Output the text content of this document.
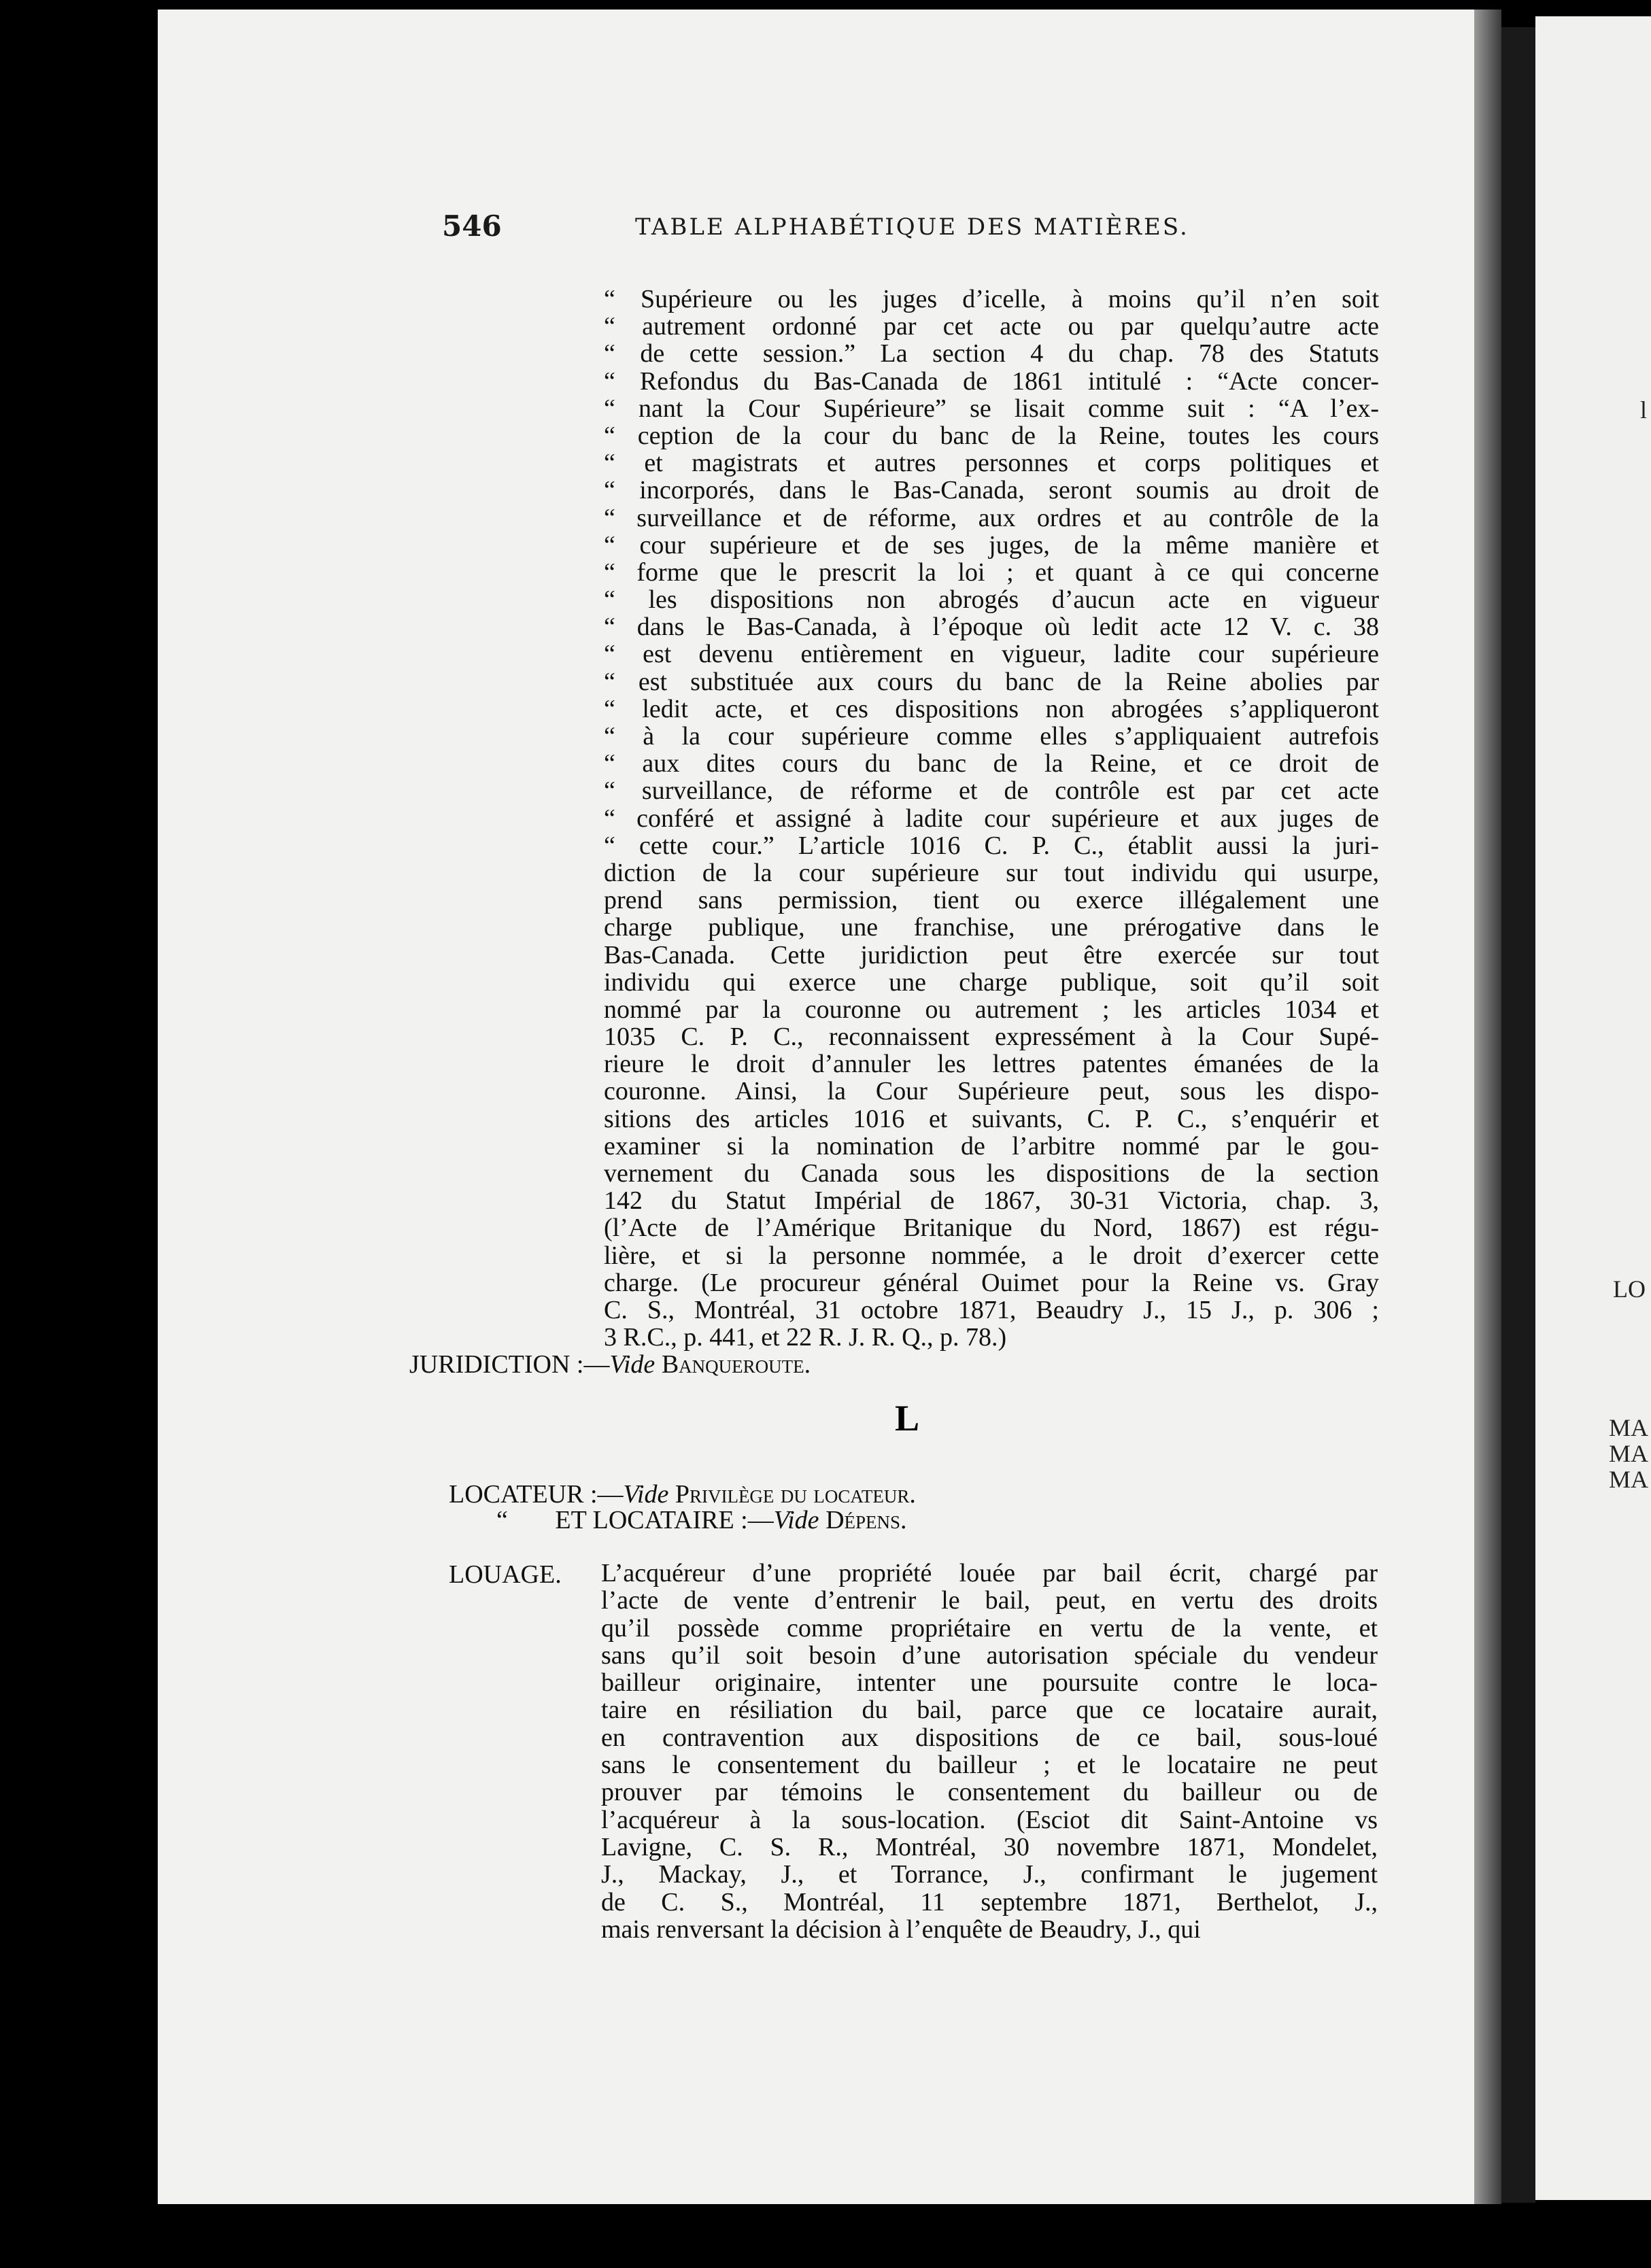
l
LO
MA
MA
MA
546	TABLE ALPHABÉTIQUE DES MATIÈRES.
“ Supérieure ou les juges d’icelle, à moins qu’il n’en soit
“ autrement ordonné par cet acte ou par quelqu’autre acte
“ de cette session.” La section 4 du chap. 78 des Statuts
“ Refondus du Bas-Canada de 1861 intitulé : “Acte concer-
“ nant la Cour Supérieure” se lisait comme suit : “A l’ex-
“ ception de la cour du banc de la Reine, toutes les cours
“ et magistrats et autres personnes et corps politiques et
“ incorporés, dans le Bas-Canada, seront soumis au droit de
“ surveillance et de réforme, aux ordres et au contrôle de la
“ cour supérieure et de ses juges, de la même manière et
“ forme que le prescrit la loi ; et quant à ce qui concerne
“ les dispositions non abrogés d’aucun acte en vigueur
“ dans le Bas-Canada, à l’époque où ledit acte 12 V. c. 38
“ est devenu entièrement en vigueur, ladite cour supérieure
“ est substituée aux cours du banc de la Reine abolies par
“ ledit acte, et ces dispositions non abrogées s’appliqueront
“ à la cour supérieure comme elles s’appliquaient autrefois
“ aux dites cours du banc de la Reine, et ce droit de
“ surveillance, de réforme et de contrôle est par cet acte
“ conféré et assigné à ladite cour supérieure et aux juges de
“ cette cour.” L’article 1016 C. P. C., établit aussi la juri-
diction de la cour supérieure sur tout individu qui usurpe,
prend sans permission, tient ou exerce illégalement une
charge publique, une franchise, une prérogative dans le
Bas-Canada. Cette juridiction peut être exercée sur tout
individu qui exerce une charge publique, soit qu’il soit
nommé par la couronne ou autrement ; les articles 1034 et
1035 C. P. C., reconnaissent expressément à la Cour Supé-
rieure le droit d’annuler les lettres patentes émanées de la
couronne. Ainsi, la Cour Supérieure peut, sous les dispo-
sitions des articles 1016 et suivants, C. P. C., s’enquérir et
examiner si la nomination de l’arbitre nommé par le gou-
vernement du Canada sous les dispositions de la section
142 du Statut Impérial de 1867, 30-31 Victoria, chap. 3,
(l’Acte de l’Amérique Britanique du Nord, 1867) est régu-
lière, et si la personne nommée, a le droit d’exercer cette
charge. (Le procureur général Ouimet pour la Reine vs. Gray
C. S., Montréal, 31 octobre 1871, Beaudry J., 15 J., p. 306 ;
3 R.C., p. 441, et 22 R. J. R. Q., p. 78.)
JURIDICTION :—Vide Banqueroute.
L
LOCATEUR :—Vide Privilège du locateur.
“ ET LOCATAIRE :—Vide Dépens.
LOUAGE. L’acquéreur d’une propriété louée par bail écrit, chargé par
l’acte de vente d’entrenir le bail, peut, en vertu des droits
qu’il possède comme propriétaire en vertu de la vente, et
sans qu’il soit besoin d’une autorisation spéciale du vendeur
bailleur originaire, intenter une poursuite contre le loca-
taire en résiliation du bail, parce que ce locataire aurait,
en contravention aux dispositions de ce bail, sous-loué
sans le consentement du bailleur ; et le locataire ne peut
prouver par témoins le consentement du bailleur ou de
l’acquéreur à la sous-location. (Esciot dit Saint-Antoine vs
Lavigne, C. S. R., Montréal, 30 novembre 1871, Mondelet,
J., Mackay, J., et Torrance, J., confirmant le jugement
de C. S., Montréal, 11 septembre 1871, Berthelot, J.,
mais renversant la décision à l’enquête de Beaudry, J., qui
